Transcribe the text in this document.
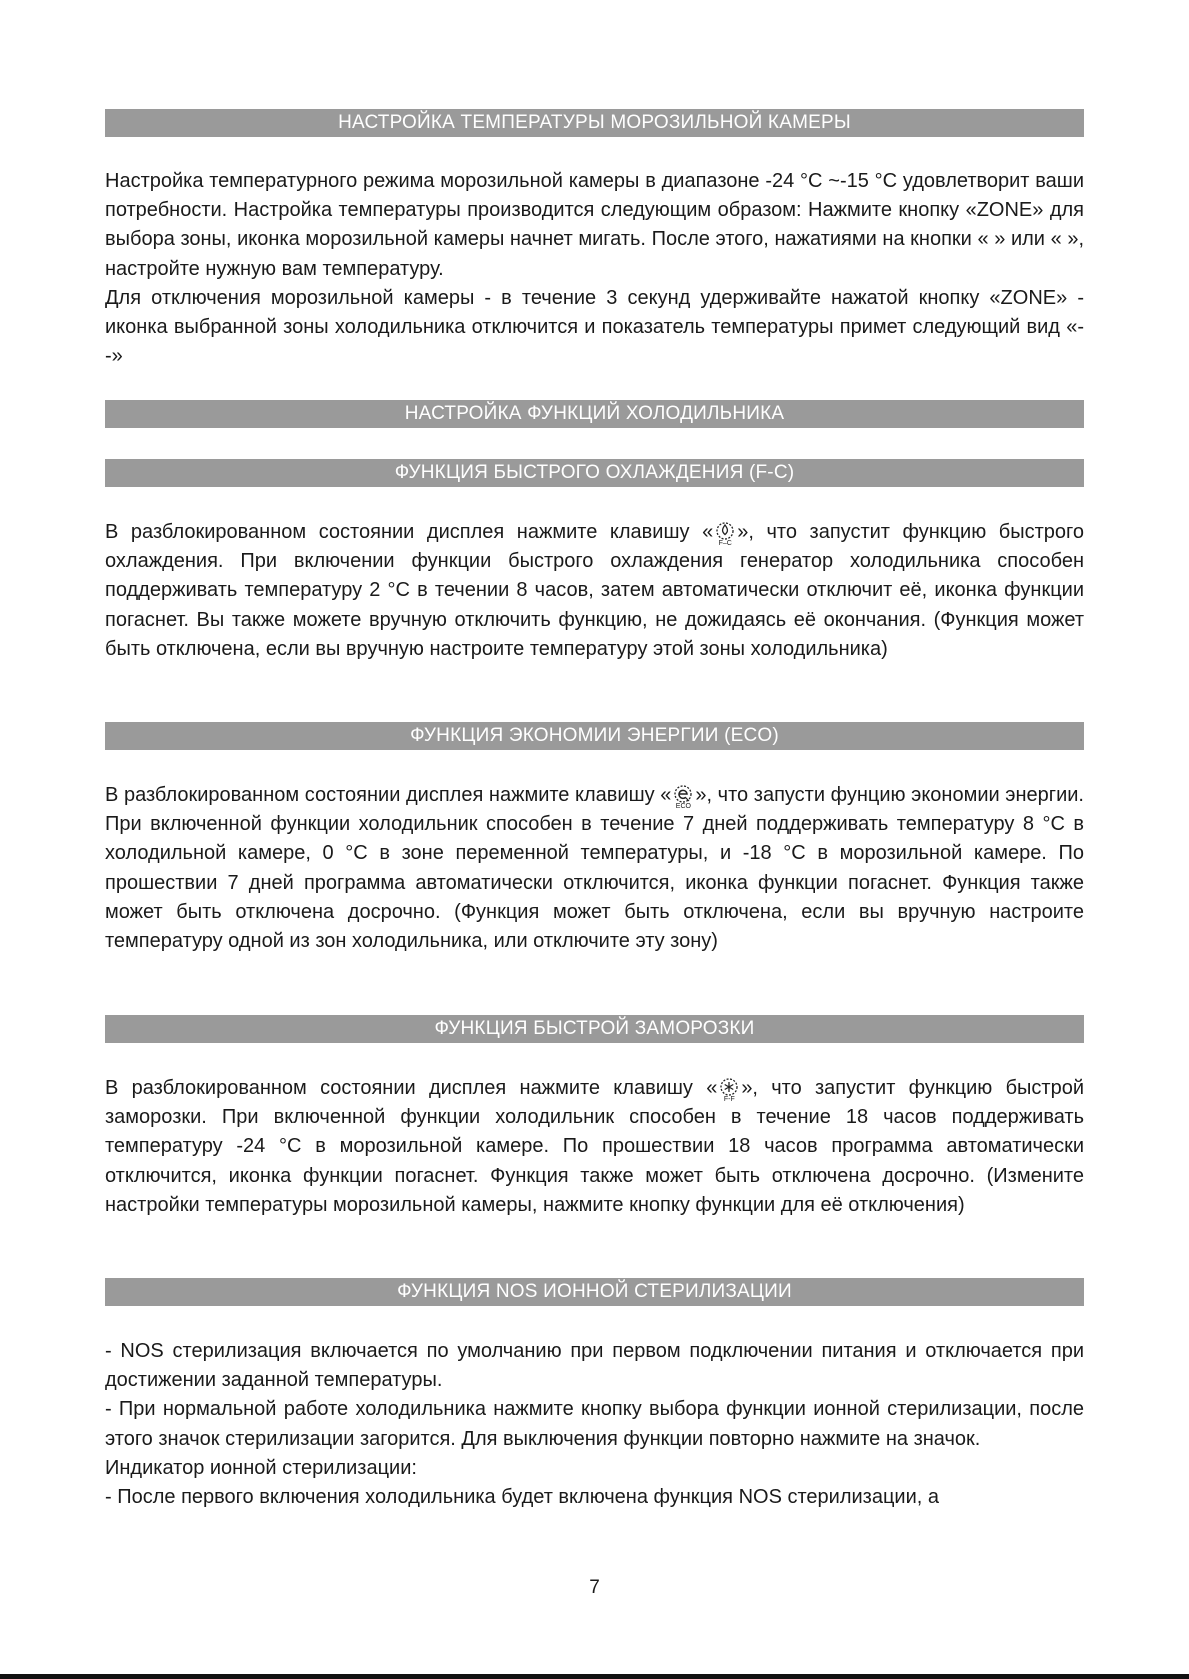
НАСТРОЙКА ТЕМПЕРАТУРЫ МОРОЗИЛЬНОЙ КАМЕРЫ

Настройка температурного режима морозильной камеры в диапазоне -24 °C ~-15 °C удовлетворит ваши потребности. Настройка температуры производится следующим образом: Нажмите кнопку «ZONE» для выбора зоны, иконка морозильной камеры начнет мигать. После этого, нажатиями на кнопки « » или « », настройте нужную вам температуру.

Для отключения морозильной камеры - в течение 3 секунд удерживайте нажатой кнопку «ZONE» - иконка выбранной зоны холодильника отключится и показатель температуры примет следующий вид «--»

НАСТРОЙКА ФУНКЦИЙ ХОЛОДИЛЬНИКА
ФУНКЦИЯ БЫСТРОГО ОХЛАЖДЕНИЯ (F-C)

В разблокированном состоянии дисплея нажмите клавишу «
F–C
», что запустит функцию быстрого охлаждения. При включении функции быстрого охлаждения генератор холодильника способен поддерживать температуру 2 °C в течении 8 часов, затем автоматически отключит её, иконка функции погаснет. Вы также можете вручную отключить функцию, не дожидаясь её окончания. (Функция может быть отключена, если вы вручную настроите температуру этой зоны холодильника)

ФУНКЦИЯ ЭКОНОМИИ ЭНЕРГИИ (ECO)

В разблокированном состоянии дисплея нажмите клавишу «
ECO
», что запусти фунцию экономии энергии. При включенной функции холодильник способен в течение 7 дней поддерживать температуру 8 °C в холодильной камере, 0 °C в зоне переменной температуры, и -18 °C в морозильной камере. По прошествии 7 дней программа автоматически отключится, иконка функции погаснет. Функция также может быть отключена досрочно. (Функция может быть отключена, если вы вручную настроите температуру одной из зон холодильника, или отключите эту зону)

ФУНКЦИЯ БЫСТРОЙ ЗАМОРОЗКИ

В разблокированном состоянии дисплея нажмите клавишу «
F-F
», что запустит функцию быстрой заморозки. При включенной функции холодильник способен в течение 18 часов поддерживать температуру -24 °C в морозильной камере. По прошествии 18 часов программа автоматически отключится, иконка функции погаснет. Функция также может быть отключена досрочно. (Измените настройки температуры морозильной камеры, нажмите кнопку функции для её отключения)

ФУНКЦИЯ NOS ИОННОЙ СТЕРИЛИЗАЦИИ

- NOS стерилизация включается по умолчанию при первом подключении питания и отключается при достижении заданной температуры.

- При нормальной работе холодильника нажмите кнопку выбора функции ионной стерилизации, после этого значок стерилизации загорится. Для выключения функции повторно нажмите на значок.

Индикатор ионной стерилизации:

- После первого включения холодильника будет включена функция NOS стерилизации, а

7
